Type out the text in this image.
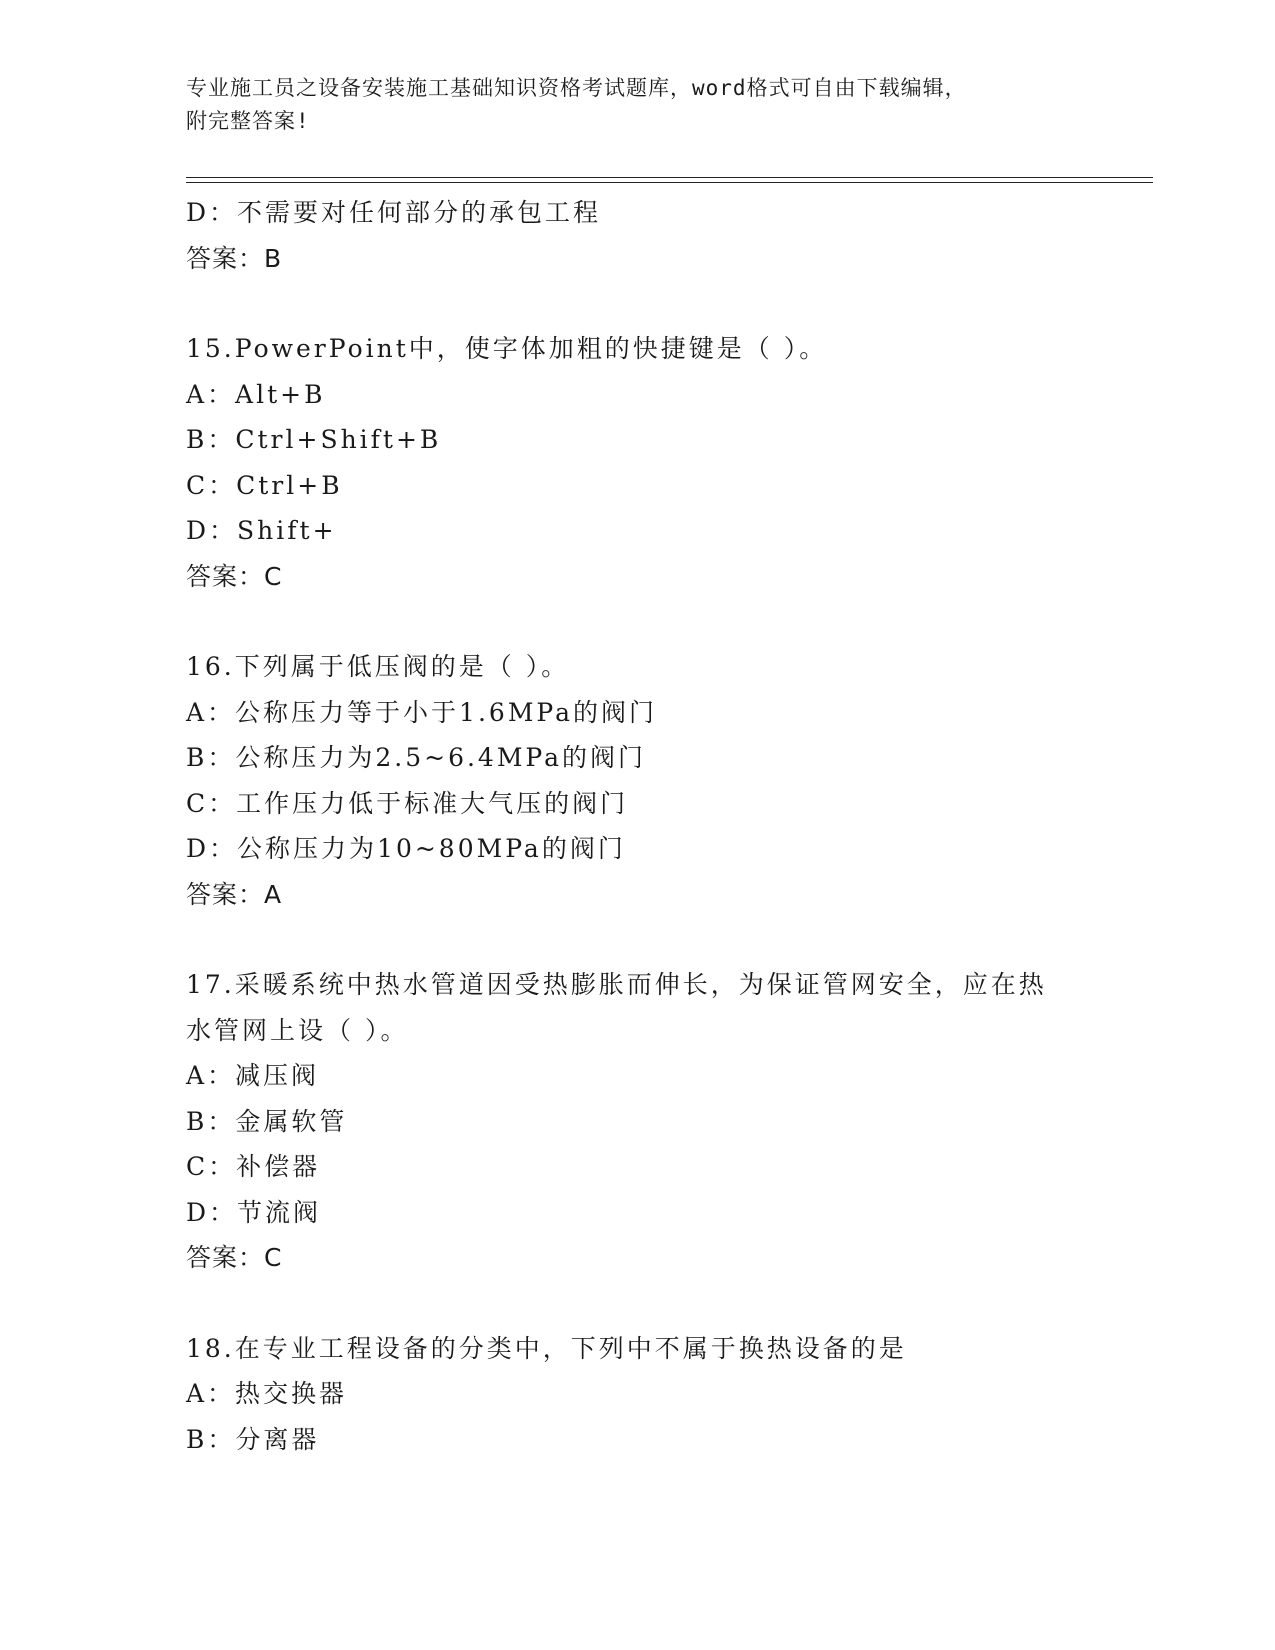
专业施工员之设备安装施工基础知识资格考试题库，word格式可自由下载编辑，
附完整答案!
D：不需要对任何部分的承包工程
答案：B
15.PowerPoint中，使字体加粗的快捷键是（ ）。
A：Alt+B
B：Ctrl+Shift+B
C：Ctrl+B
D：Shift+
答案：C
16.下列属于低压阀的是（ ）。
A：公称压力等于小于1.6MPa的阀门
B：公称压力为2.5~6.4MPa的阀门
C：工作压力低于标准大气压的阀门
D：公称压力为10~80MPa的阀门
答案：A
17.采暖系统中热水管道因受热膨胀而伸长，为保证管网安全，应在热
水管网上设（ ）。
A：减压阀
B：金属软管
C：补偿器
D：节流阀
答案：C
18.在专业工程设备的分类中，下列中不属于换热设备的是
A：热交换器
B：分离器
